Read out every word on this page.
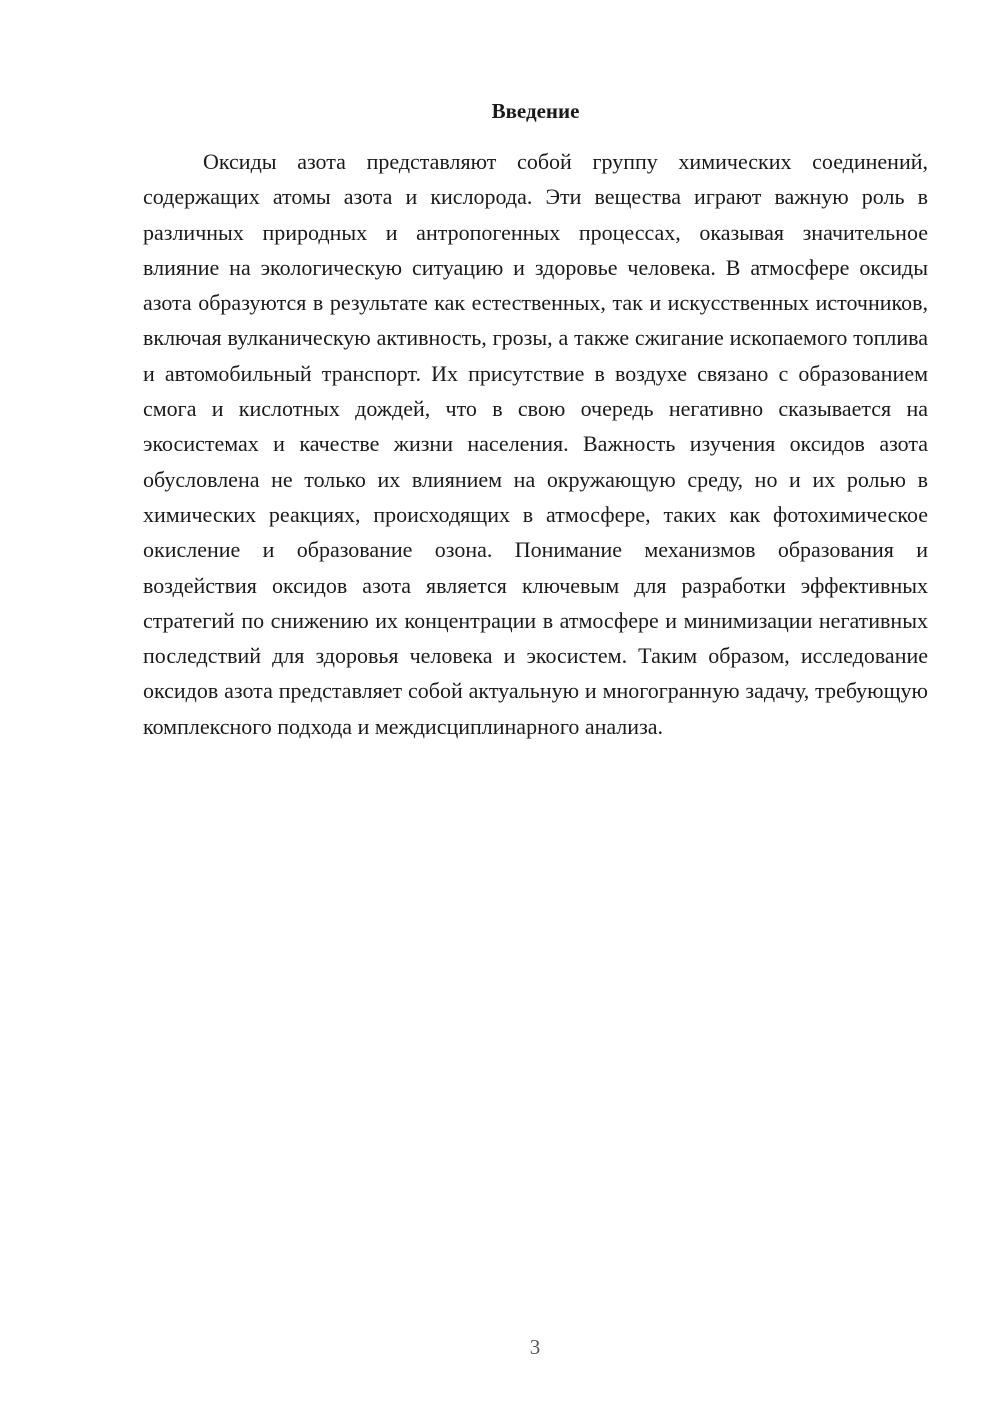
Введение

Оксиды азота представляют собой группу химических соединений, содержащих атомы азота и кислорода. Эти вещества играют важную роль в различных природных и антропогенных процессах, оказывая значительное влияние на экологическую ситуацию и здоровье человека. В атмосфере оксиды азота образуются в результате как естественных, так и искусственных источников, включая вулканическую активность, грозы, а также сжигание ископаемого топлива и автомобильный транспорт. Их присутствие в воздухе связано с образованием смога и кислотных дождей, что в свою очередь негативно сказывается на экосистемах и качестве жизни населения. Важность изучения оксидов азота обусловлена не только их влиянием на окружающую среду, но и их ролью в химических реакциях, происходящих в атмосфере, таких как фотохимическое окисление и образование озона. Понимание механизмов образования и воздействия оксидов азота является ключевым для разработки эффективных стратегий по снижению их концентрации в атмосфере и минимизации негативных последствий для здоровья человека и экосистем. Таким образом, исследование оксидов азота представляет собой актуальную и многогранную задачу, требующую комплексного подхода и междисциплинарного анализа.

3
